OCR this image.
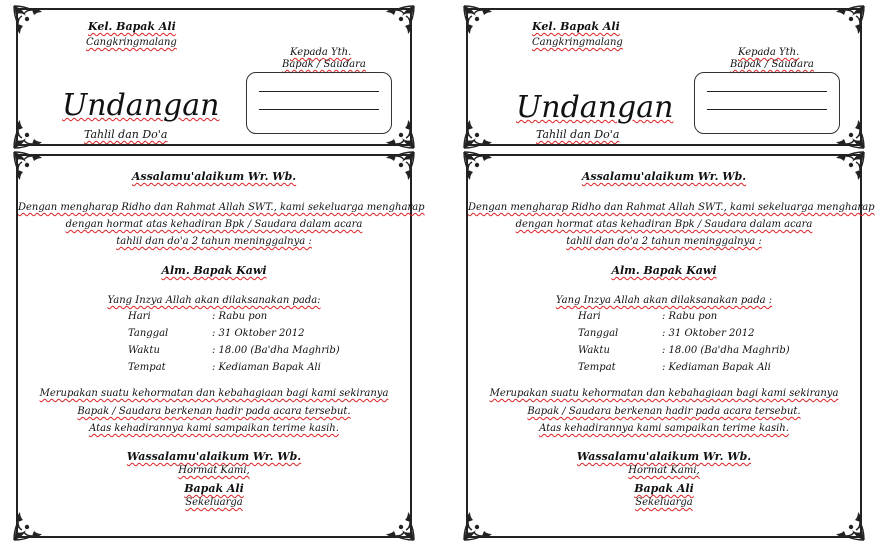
Kel. Bapak Ali
Cangkringmalang
Kepada Yth.
Bapak / Saudara
Undangan
Tahlil dan Do'a
Assalamu'alaikum Wr. Wb.
Dengan mengharap Ridho dan Rahmat Allah SWT., kami sekeluarga mengharap
dengan hormat atas kehadiran Bpk / Saudara dalam acara
tahlil dan do'a 2 tahun meninggalnya :
Alm. Bapak Kawi
Yang Inzya Allah akan dilaksanakan pada:
Hari	: Rabu pon
Tanggal	: 31 Oktober 2012
Waktu	: 18.00 (Ba'dha Maghrib)
Tempat	: Kediaman Bapak Ali
Merupakan suatu kehormatan dan kebahagiaan bagi kami sekiranya
Bapak / Saudara berkenan hadir pada acara tersebut.
Atas kehadirannya kami sampaikan terime kasih.
Wassalamu'alaikum Wr. Wb.
Hormat Kami,
Bapak Ali
Sekeluarga
Kel. Bapak Ali
Cangkringmalang
Kepada Yth.
Bapak / Saudara
Undangan
Tahlil dan Do'a
Assalamu'alaikum Wr. Wb.
Dengan mengharap Ridho dan Rahmat Allah SWT., kami sekeluarga mengharap
dengan hormat atas kehadiran Bpk / Saudara dalam acara
tahlil dan do'a 2 tahun meninggalnya :
Alm. Bapak Kawi
Yang Inzya Allah akan dilaksanakan pada :
Hari	: Rabu pon
Tanggal	: 31 Oktober 2012
Waktu	: 18.00 (Ba'dha Maghrib)
Tempat	: Kediaman Bapak Ali
Merupakan suatu kehormatan dan kebahagiaan bagi kami sekiranya
Bapak / Saudara berkenan hadir pada acara tersebut.
Atas kehadirannya kami sampaikan terime kasih.
Wassalamu'alaikum Wr. Wb.
Hormat Kami,
Bapak Ali
Sekeluarga
